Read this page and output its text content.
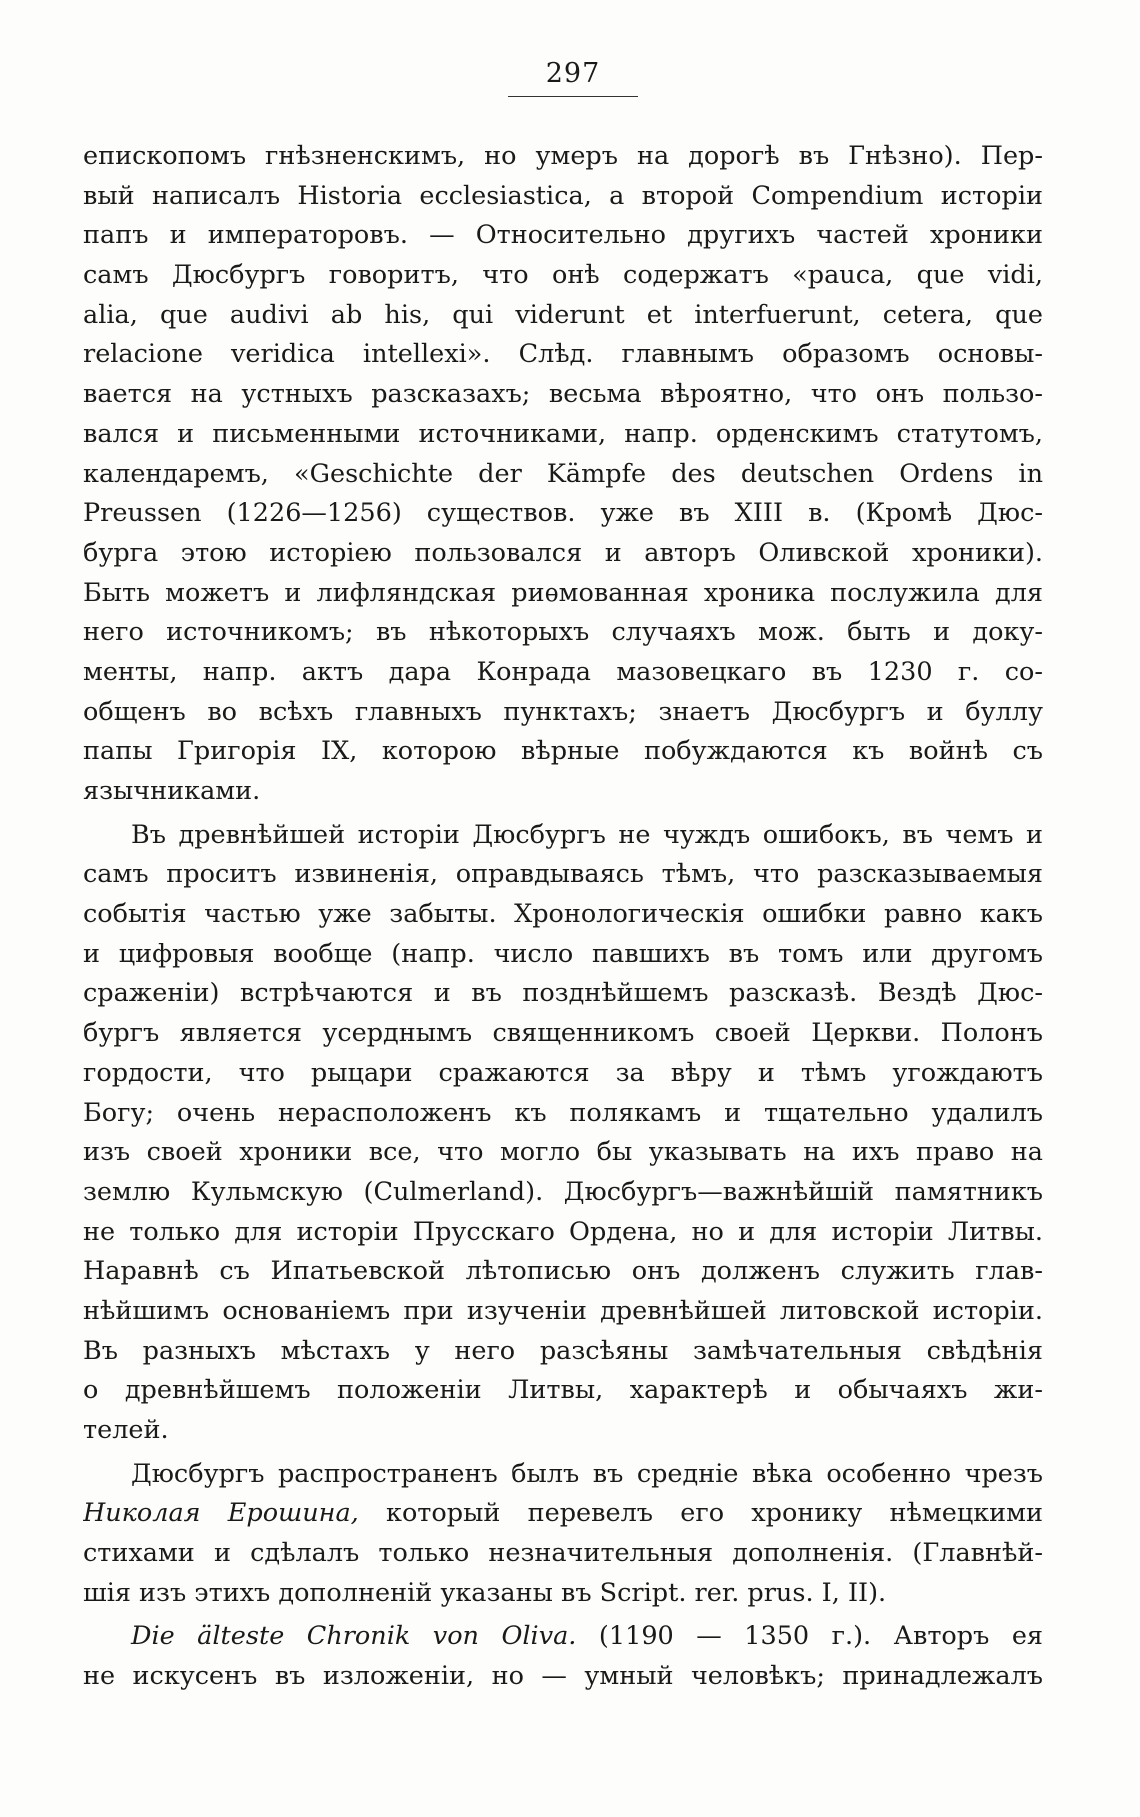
297
епископомъ гнѣзненскимъ, но умеръ на дорогѣ въ Гнѣзно). Пер-
вый написалъ Historia ecclesiastica, а второй Compendium исторіи
папъ и императоровъ. — Относительно другихъ частей хроники
самъ Дюсбургъ говоритъ, что онѣ содержатъ «pauca, que vidi,
alia, que audivi ab his, qui viderunt et interfuerunt, cetera, que
relacione veridica intellexi». Слѣд. главнымъ образомъ основы-
вается на устныхъ разсказахъ; весьма вѣроятно, что онъ пользо-
вался и письменными источниками, напр. орденскимъ статутомъ,
календаремъ, «Geschichte der Kämpfe des deutschen Ordens in
Preussen (1226—1256) существов. уже въ XIII в. (Кромѣ Дюс-
бурга этою исторіею пользовался и авторъ Оливской хроники).
Быть можетъ и лифляндская риѳмованная хроника послужила для
него источникомъ; въ нѣкоторыхъ случаяхъ мож. быть и доку-
менты, напр. актъ дара Конрада мазовецкаго въ 1230 г. со-
общенъ во всѣхъ главныхъ пунктахъ; знаетъ Дюсбургъ и буллу
папы Григорія IX, которою вѣрные побуждаются къ войнѣ съ
язычниками.
Въ древнѣйшей исторіи Дюсбургъ не чуждъ ошибокъ, въ чемъ и
самъ проситъ извиненія, оправдываясь тѣмъ, что разсказываемыя
событія частью уже забыты. Хронологическія ошибки равно какъ
и цифровыя вообще (напр. число павшихъ въ томъ или другомъ
сраженіи) встрѣчаются и въ позднѣйшемъ разсказѣ. Вездѣ Дюс-
бургъ является усерднымъ священникомъ своей Церкви. Полонъ
гордости, что рыцари сражаются за вѣру и тѣмъ угождаютъ
Богу; очень нерасположенъ къ полякамъ и тщательно удалилъ
изъ своей хроники все, что могло бы указывать на ихъ право на
землю Кульмскую (Culmerland). Дюсбургъ—важнѣйшій памятникъ
не только для исторіи Прусскаго Ордена, но и для исторіи Литвы.
Наравнѣ съ Ипатьевской лѣтописью онъ долженъ служить глав-
нѣйшимъ основаніемъ при изученіи древнѣйшей литовской исторіи.
Въ разныхъ мѣстахъ у него разсѣяны замѣчательныя свѣдѣнія
о древнѣйшемъ положеніи Литвы, характерѣ и обычаяхъ жи-
телей.
Дюсбургъ распространенъ былъ въ средніе вѣка особенно чрезъ
Николая Ерошина, который перевелъ его хронику нѣмецкими
стихами и сдѣлалъ только незначительныя дополненія. (Главнѣй-
шія изъ этихъ дополненій указаны въ Script. rer. prus. I, II).
Die älteste Chronik von Oliva. (1190 — 1350 г.). Авторъ ея
не искусенъ въ изложеніи, но — умный человѣкъ; принадлежалъ
